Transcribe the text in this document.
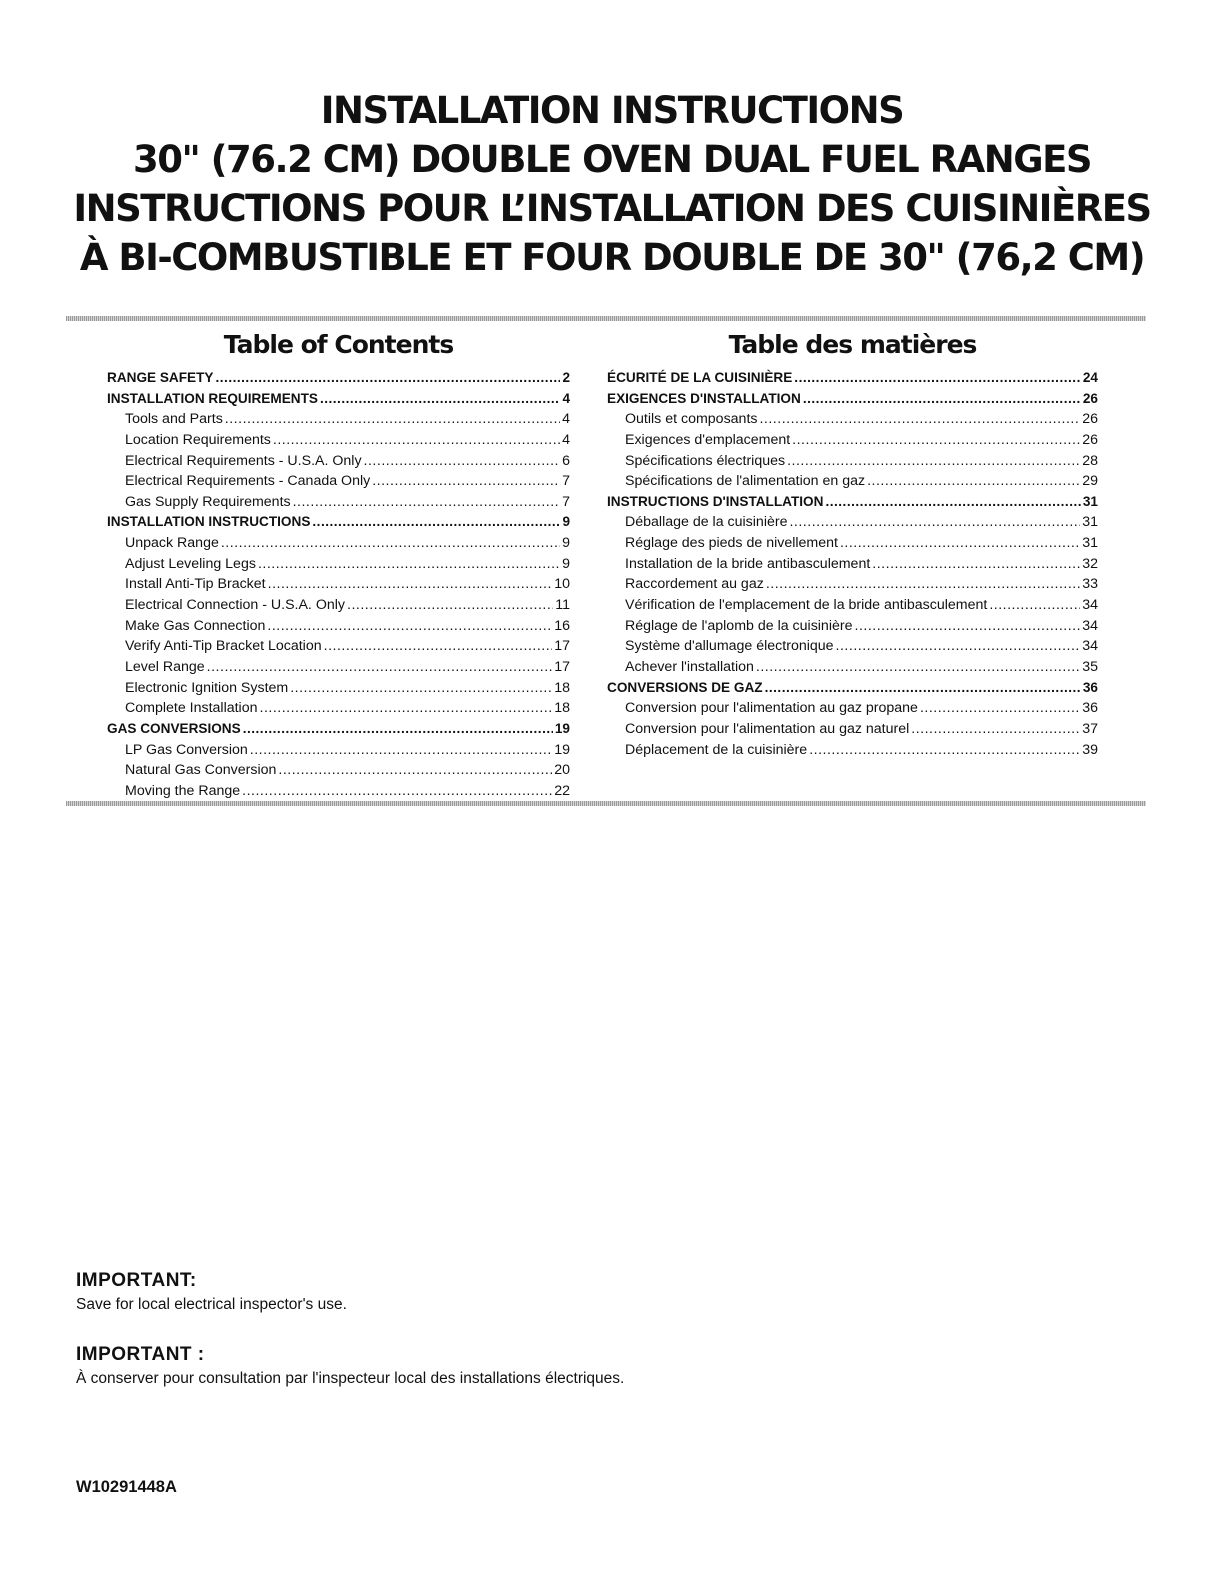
INSTALLATION INSTRUCTIONS
30" (76.2 CM) DOUBLE OVEN DUAL FUEL RANGES
INSTRUCTIONS POUR L’INSTALLATION DES CUISINIÈRES
À BI-COMBUSTIBLE ET FOUR DOUBLE DE 30" (76,2 CM)
Table of Contents
RANGE SAFETY .....	2
INSTALLATION REQUIREMENTS .....	4
Tools and Parts .....	4
Location Requirements .....	4
Electrical Requirements - U.S.A. Only .....	6
Electrical Requirements - Canada Only .....	7
Gas Supply Requirements .....	7
INSTALLATION INSTRUCTIONS .....	9
Unpack Range .....	9
Adjust Leveling Legs .....	9
Install Anti-Tip Bracket .....	10
Electrical Connection - U.S.A. Only .....	11
Make Gas Connection .....	16
Verify Anti-Tip Bracket Location .....	17
Level Range .....	17
Electronic Ignition System .....	18
Complete Installation .....	18
GAS CONVERSIONS .....	19
LP Gas Conversion .....	19
Natural Gas Conversion .....	20
Moving the Range .....	22
Table des matières
ÉCURITÉ DE LA CUISINIÈRE .....	24
EXIGENCES D'INSTALLATION .....	26
Outils et composants .....	26
Exigences d'emplacement .....	26
Spécifications électriques .....	28
Spécifications de l'alimentation en gaz .....	29
INSTRUCTIONS D'INSTALLATION .....	31
Déballage de la cuisinière .....	31
Réglage des pieds de nivellement .....	31
Installation de la bride antibasculement .....	32
Raccordement au gaz .....	33
Vérification de l'emplacement de la bride antibasculement .....	34
Réglage de l'aplomb de la cuisinière .....	34
Système d'allumage électronique .....	34
Achever l'installation .....	35
CONVERSIONS DE GAZ .....	36
Conversion pour l'alimentation au gaz propane .....	36
Conversion pour l'alimentation au gaz naturel .....	37
Déplacement de la cuisinière .....	39
IMPORTANT:
Save for local electrical inspector's use.
IMPORTANT :
À conserver pour consultation par l'inspecteur local des installations électriques.
W10291448A
